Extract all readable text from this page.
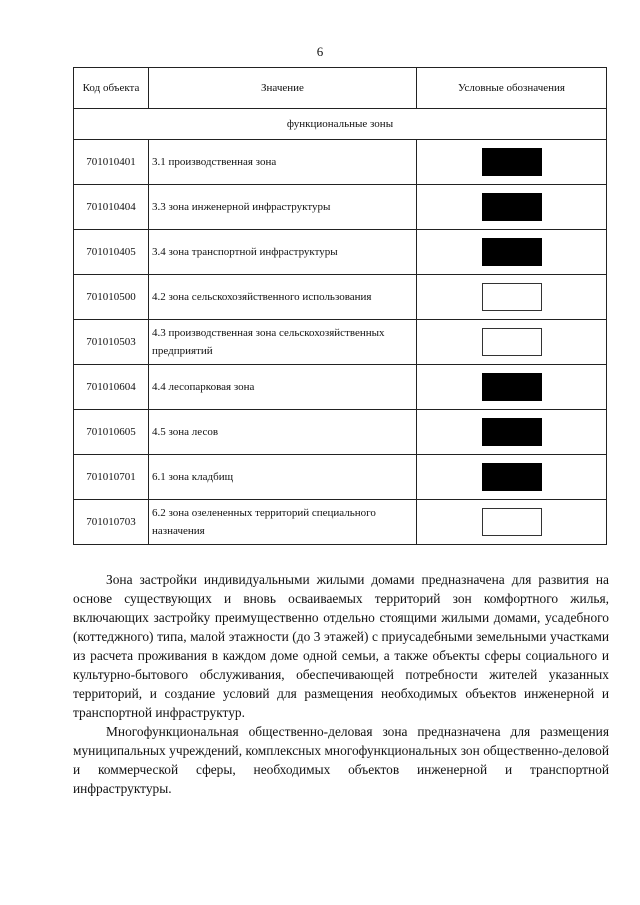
6
Код объекта	Значение	Условные обозначения
функциональные зоны		
701010401	3.1 производственная зона	
701010404	3.3 зона инженерной инфраструктуры	
701010405	3.4 зона транспортной инфраструктуры	
701010500	4.2 зона сельскохозяйственного использования	
701010503	4.3 производственная зона сельскохозяйственных предприятий	
701010604	4.4 лесопарковая зона	
701010605	4.5 зона лесов	
701010701	6.1 зона кладбищ	
701010703	6.2 зона озелененных территорий специального назначения	

Зона застройки индивидуальными жилыми домами предназначена для развития на основе существующих и вновь осваиваемых территорий зон комфортного жилья, включающих застройку преимущественно отдельно стоящими жилыми домами, усадебного (коттеджного) типа, малой этажности (до 3 этажей) с приусадебными земельными участками из расчета проживания в каждом доме одной семьи, а также объекты сферы социального и культурно-бытового обслуживания, обеспечивающей потребности жителей указанных территорий, и создание условий для размещения необходимых объектов инженерной и транспортной инфраструктур.

Многофункциональная общественно-деловая зона предназначена для размещения муниципальных учреждений, комплексных многофункциональных зон общественно-деловой и коммерческой сферы, необходимых объектов инженерной и транспортной инфраструктуры.
